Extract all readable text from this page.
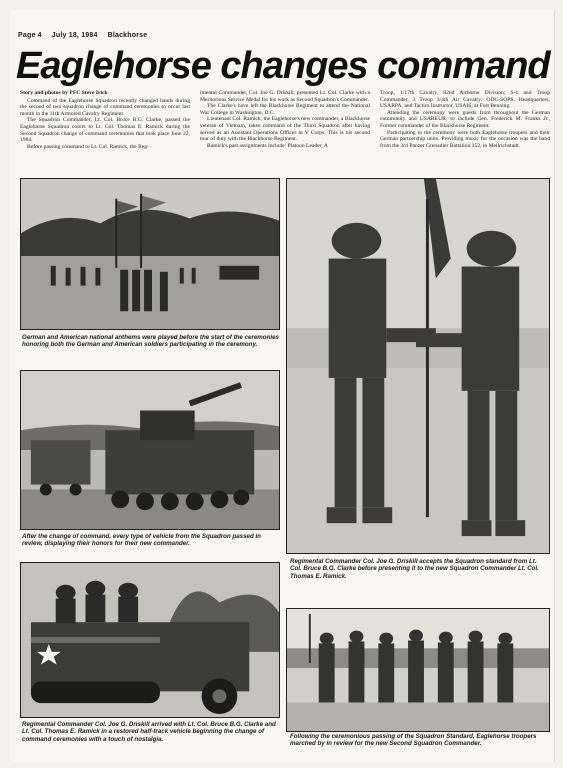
Page 4 July 18, 1984 Blackhorse
Eaglehorse changes command

Story and photos by PFC Steve Irick

Command of the Eaglehorse Squadron recently changed hands during the second of two squadron change of command ceremonies to occur last month in the 11th Armored Cavalry Regiment.

The Squadron Commander, Lt. Col. Bruce B.G. Clarke, passed the Eaglehorse Squadron colors to Lt. Col. Thomas E. Ramick during the Second Squadron change of command ceremonies that took place June 22, 1984.

Before passing command to Lt. Col. Ramick, the Reg-

imental Commander, Col. Joe G. Driskill, presented Lt. Col. Clarke with a Meritorious Service Medal for his work as Second Squadron's Commander.

The Clarke's have left the Blackhorse Regiment to attend the National War College in Washington, D.C.

Lieutenant Col. Ramick, the Eaglehorse's new commander, a Blackhorse veteran of Vietnam, takes command of the Third Squadron after having served as an Assistant Operations Officer in V Corps. This is his second tour of duty with the Blackhorse Regiment.

Ramick's past assignments include: Platoon Leader, A

Troop, 1/17th Cavalry, 82nd Airborne Division; S-1 and Troop Commander, 3 Troop 3/4th Air Cavalry; ODC-SOPS, Headquarters, USARPA, and Tactics Instructor, USAIS, at Fort Benning.

Attending the ceremony were guests from throughout the German community and USAREUR, to include Gen. Frederick M. Franks Jr., Former commander of the Blackhorse Regiment.

Participating in the ceremony were both Eaglehorse troopers and their German partnership units. Providing music for the occasion was the band from the 3rd Panzer Grenadier Battalion 352, in Mellrichstadt.

German and American national anthems were played before the start of the ceremonies honoring both the German and American soldiers participating in the ceremony.
After the change of command, every type of vehicle from the Squadron passed in review, displaying their honors for their new commander.
Regimental Commander Col. Joe G. Driskill accepts the Squadron standard from Lt. Col. Bruce B.G. Clarke before presenting it to the new Squadron Commander Lt. Col. Thomas E. Ramick.
Regimental Commander Col. Joe G. Driskill arrived with Lt. Col. Bruce B.G. Clarke and Lt. Col. Thomas E. Ramick in a restored half-track vehicle beginning the change of command ceremonies with a touch of nostalgia.	Following the ceremonious passing of the Squadron Standard, Eaglehorse troopers marched by in review for the new Second Squadron Commander.
